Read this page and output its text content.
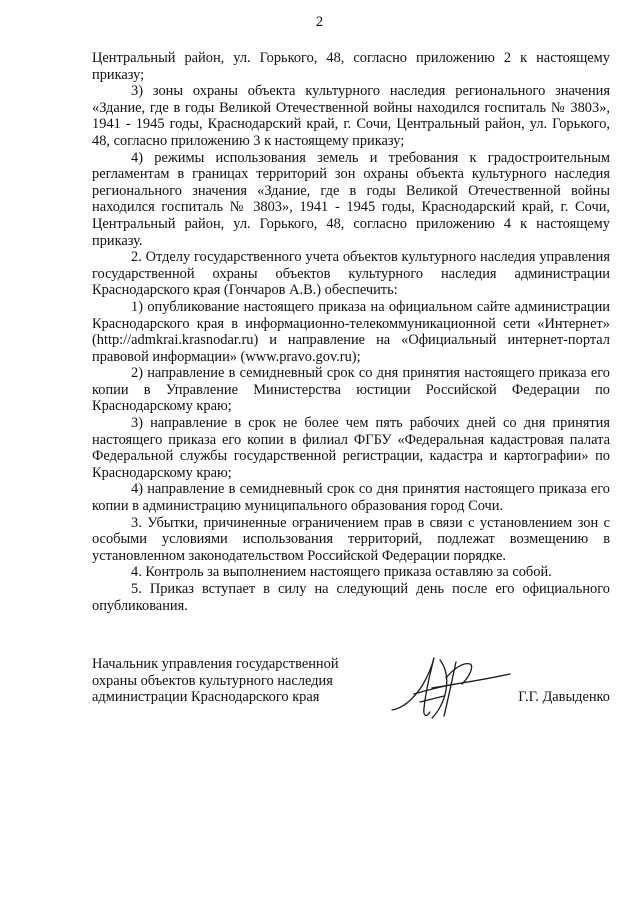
2

Центральный район, ул. Горького, 48, согласно приложению 2 к настоящему приказу;

3) зоны охраны объекта культурного наследия регионального значения «Здание, где в годы Великой Отечественной войны находился госпиталь № 3803», 1941 - 1945 годы, Краснодарский край, г. Сочи, Центральный район, ул. Горького, 48, согласно приложению 3 к настоящему приказу;

4) режимы использования земель и требования к градостроительным регламентам в границах территорий зон охраны объекта культурного наследия регионального значения «Здание, где в годы Великой Отечественной войны находился госпиталь № 3803», 1941 - 1945 годы, Краснодарский край, г. Сочи, Центральный район, ул. Горького, 48, согласно приложению 4 к настоящему приказу.

2. Отделу государственного учета объектов культурного наследия управления государственной охраны объектов культурного наследия администрации Краснодарского края (Гончаров А.В.) обеспечить:

1) опубликование настоящего приказа на официальном сайте администрации Краснодарского края в информационно-телекоммуникационной сети «Интернет» (http://admkrai.krasnodar.ru) и направление на «Официальный интернет-портал правовой информации» (www.pravo.gov.ru);

2) направление в семидневный срок со дня принятия настоящего приказа его копии в Управление Министерства юстиции Российской Федерации по Краснодарскому краю;

3) направление в срок не более чем пять рабочих дней со дня принятия настоящего приказа его копии в филиал ФГБУ «Федеральная кадастровая палата Федеральной службы государственной регистрации, кадастра и картографии» по Краснодарскому краю;

4) направление в семидневный срок со дня принятия настоящего приказа его копии в администрацию муниципального образования город Сочи.

3. Убытки, причиненные ограничением прав в связи с установлением зон с особыми условиями использования территорий, подлежат возмещению в установленном законодательством Российской Федерации порядке.

4. Контроль за выполнением настоящего приказа оставляю за собой.

5. Приказ вступает в силу на следующий день после его официального опубликования.

Начальник управления государственной
охраны объектов культурного наследия
администрации Краснодарского края	Г.Г. Давыденко
